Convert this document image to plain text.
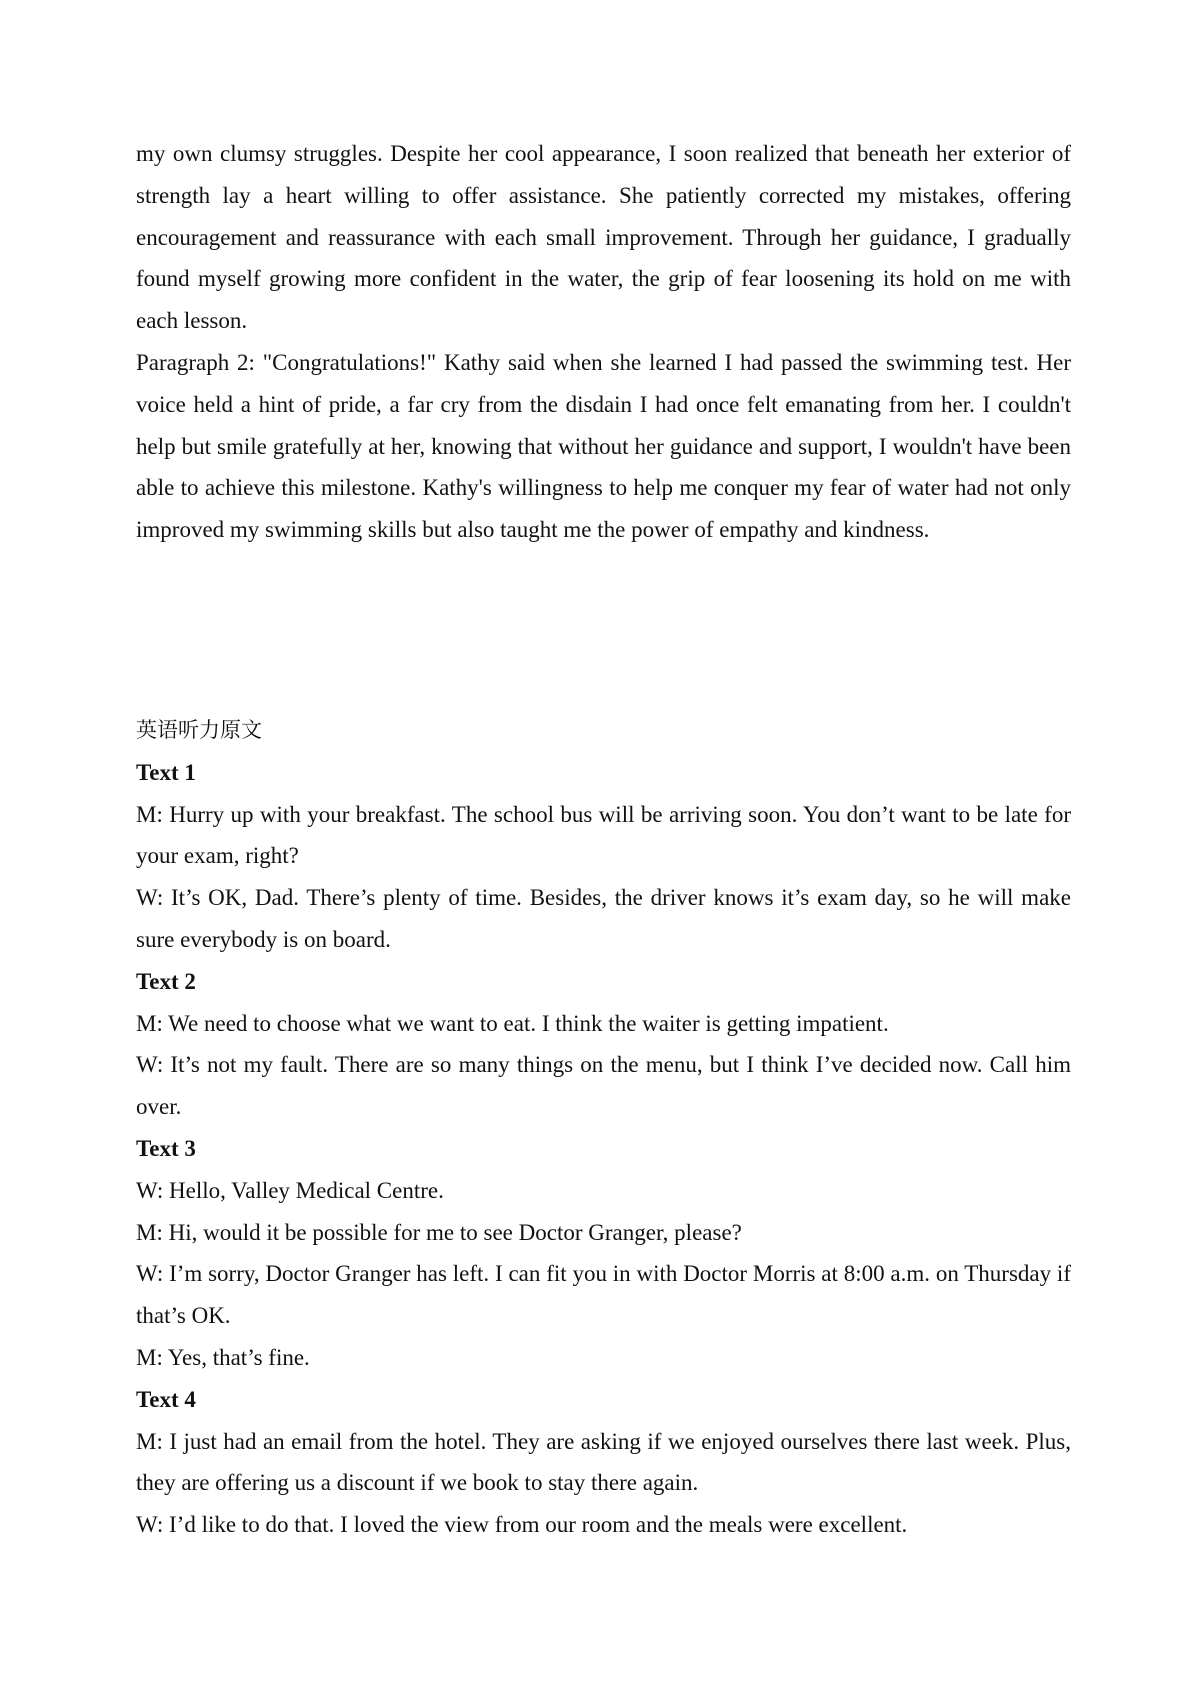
my own clumsy struggles. Despite her cool appearance, I soon realized that beneath her exterior of strength lay a heart willing to offer assistance. She patiently corrected my mistakes, offering encouragement and reassurance with each small improvement. Through her guidance, I gradually found myself growing more confident in the water, the grip of fear loosening its hold on me with each lesson.

Paragraph 2: "Congratulations!" Kathy said when she learned I had passed the swimming test. Her voice held a hint of pride, a far cry from the disdain I had once felt emanating from her. I couldn't help but smile gratefully at her, knowing that without her guidance and support, I wouldn't have been able to achieve this milestone. Kathy's willingness to help me conquer my fear of water had not only improved my swimming skills but also taught me the power of empathy and kindness.

英语听力原文

Text 1

M: Hurry up with your breakfast. The school bus will be arriving soon. You don’t want to be late for your exam, right?

W: It’s OK, Dad. There’s plenty of time. Besides, the driver knows it’s exam day, so he will make sure everybody is on board.

Text 2

M: We need to choose what we want to eat. I think the waiter is getting impatient.

W: It’s not my fault. There are so many things on the menu, but I think I’ve decided now. Call him over.

Text 3

W: Hello, Valley Medical Centre.

M: Hi, would it be possible for me to see Doctor Granger, please?

W: I’m sorry, Doctor Granger has left. I can fit you in with Doctor Morris at 8:00 a.m. on Thursday if that’s OK.

M: Yes, that’s fine.

Text 4

M: I just had an email from the hotel. They are asking if we enjoyed ourselves there last week. Plus, they are offering us a discount if we book to stay there again.

W: I’d like to do that. I loved the view from our room and the meals were excellent.
